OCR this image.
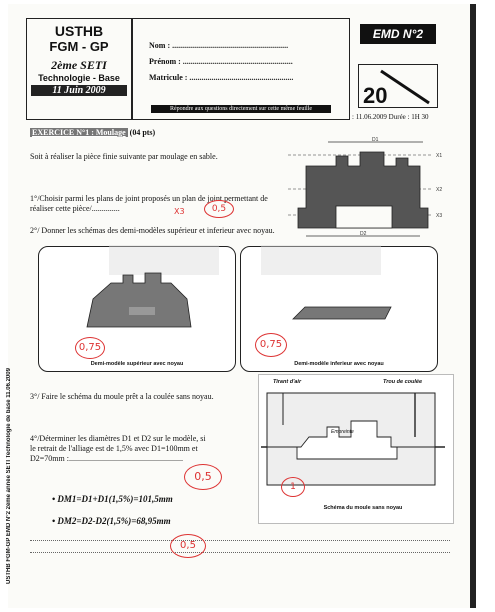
USTHB
FGM - GP
2ème SETI
Technologie - Base
11 Juin 2009
Nom : ..........................................................
Prénom : .......................................................
Matricule : ....................................................
Répondre aux questions directement sur cette même feuille
EMD N°2
20
: 11.06.2009 Durée : 1H 30
USTHB FGM-GP EMD N°2 2ème année SETI Technologie de base 11.06.2009
EXERCICE N°1 : Moulage (04 pts)
Soit à réaliser la pièce finie suivante par moulage en sable.
D1
X1
X2
X3
D2
1°/Choisir parmi les plans de joint proposés un plan de joint permettant de réaliser cette pièce/..............	X3	0,5
2°/ Donner les schémas des demi-modèles supérieur et inferieur avec noyau.
0,75
Demi-modèle supérieur avec noyau
0,75
Demi-modèle inferieur avec noyau
3°/ Faire le schéma du moule prêt a la coulée sans noyau.
Tirant d'air	Trou de coulée
Empreinte
1
Schéma du moule sans noyau
4°/Déterminer les diamètres D1 et D2 sur le modèle, si
le retrait de l'alliage est de 1,5% avec D1=100mm et
D2=70mm :.........................................................
0,5
• DM1=D1+D1(1,5%)=101,5mm
• DM2=D2-D2(1,5%)=68,95mm
0,5
